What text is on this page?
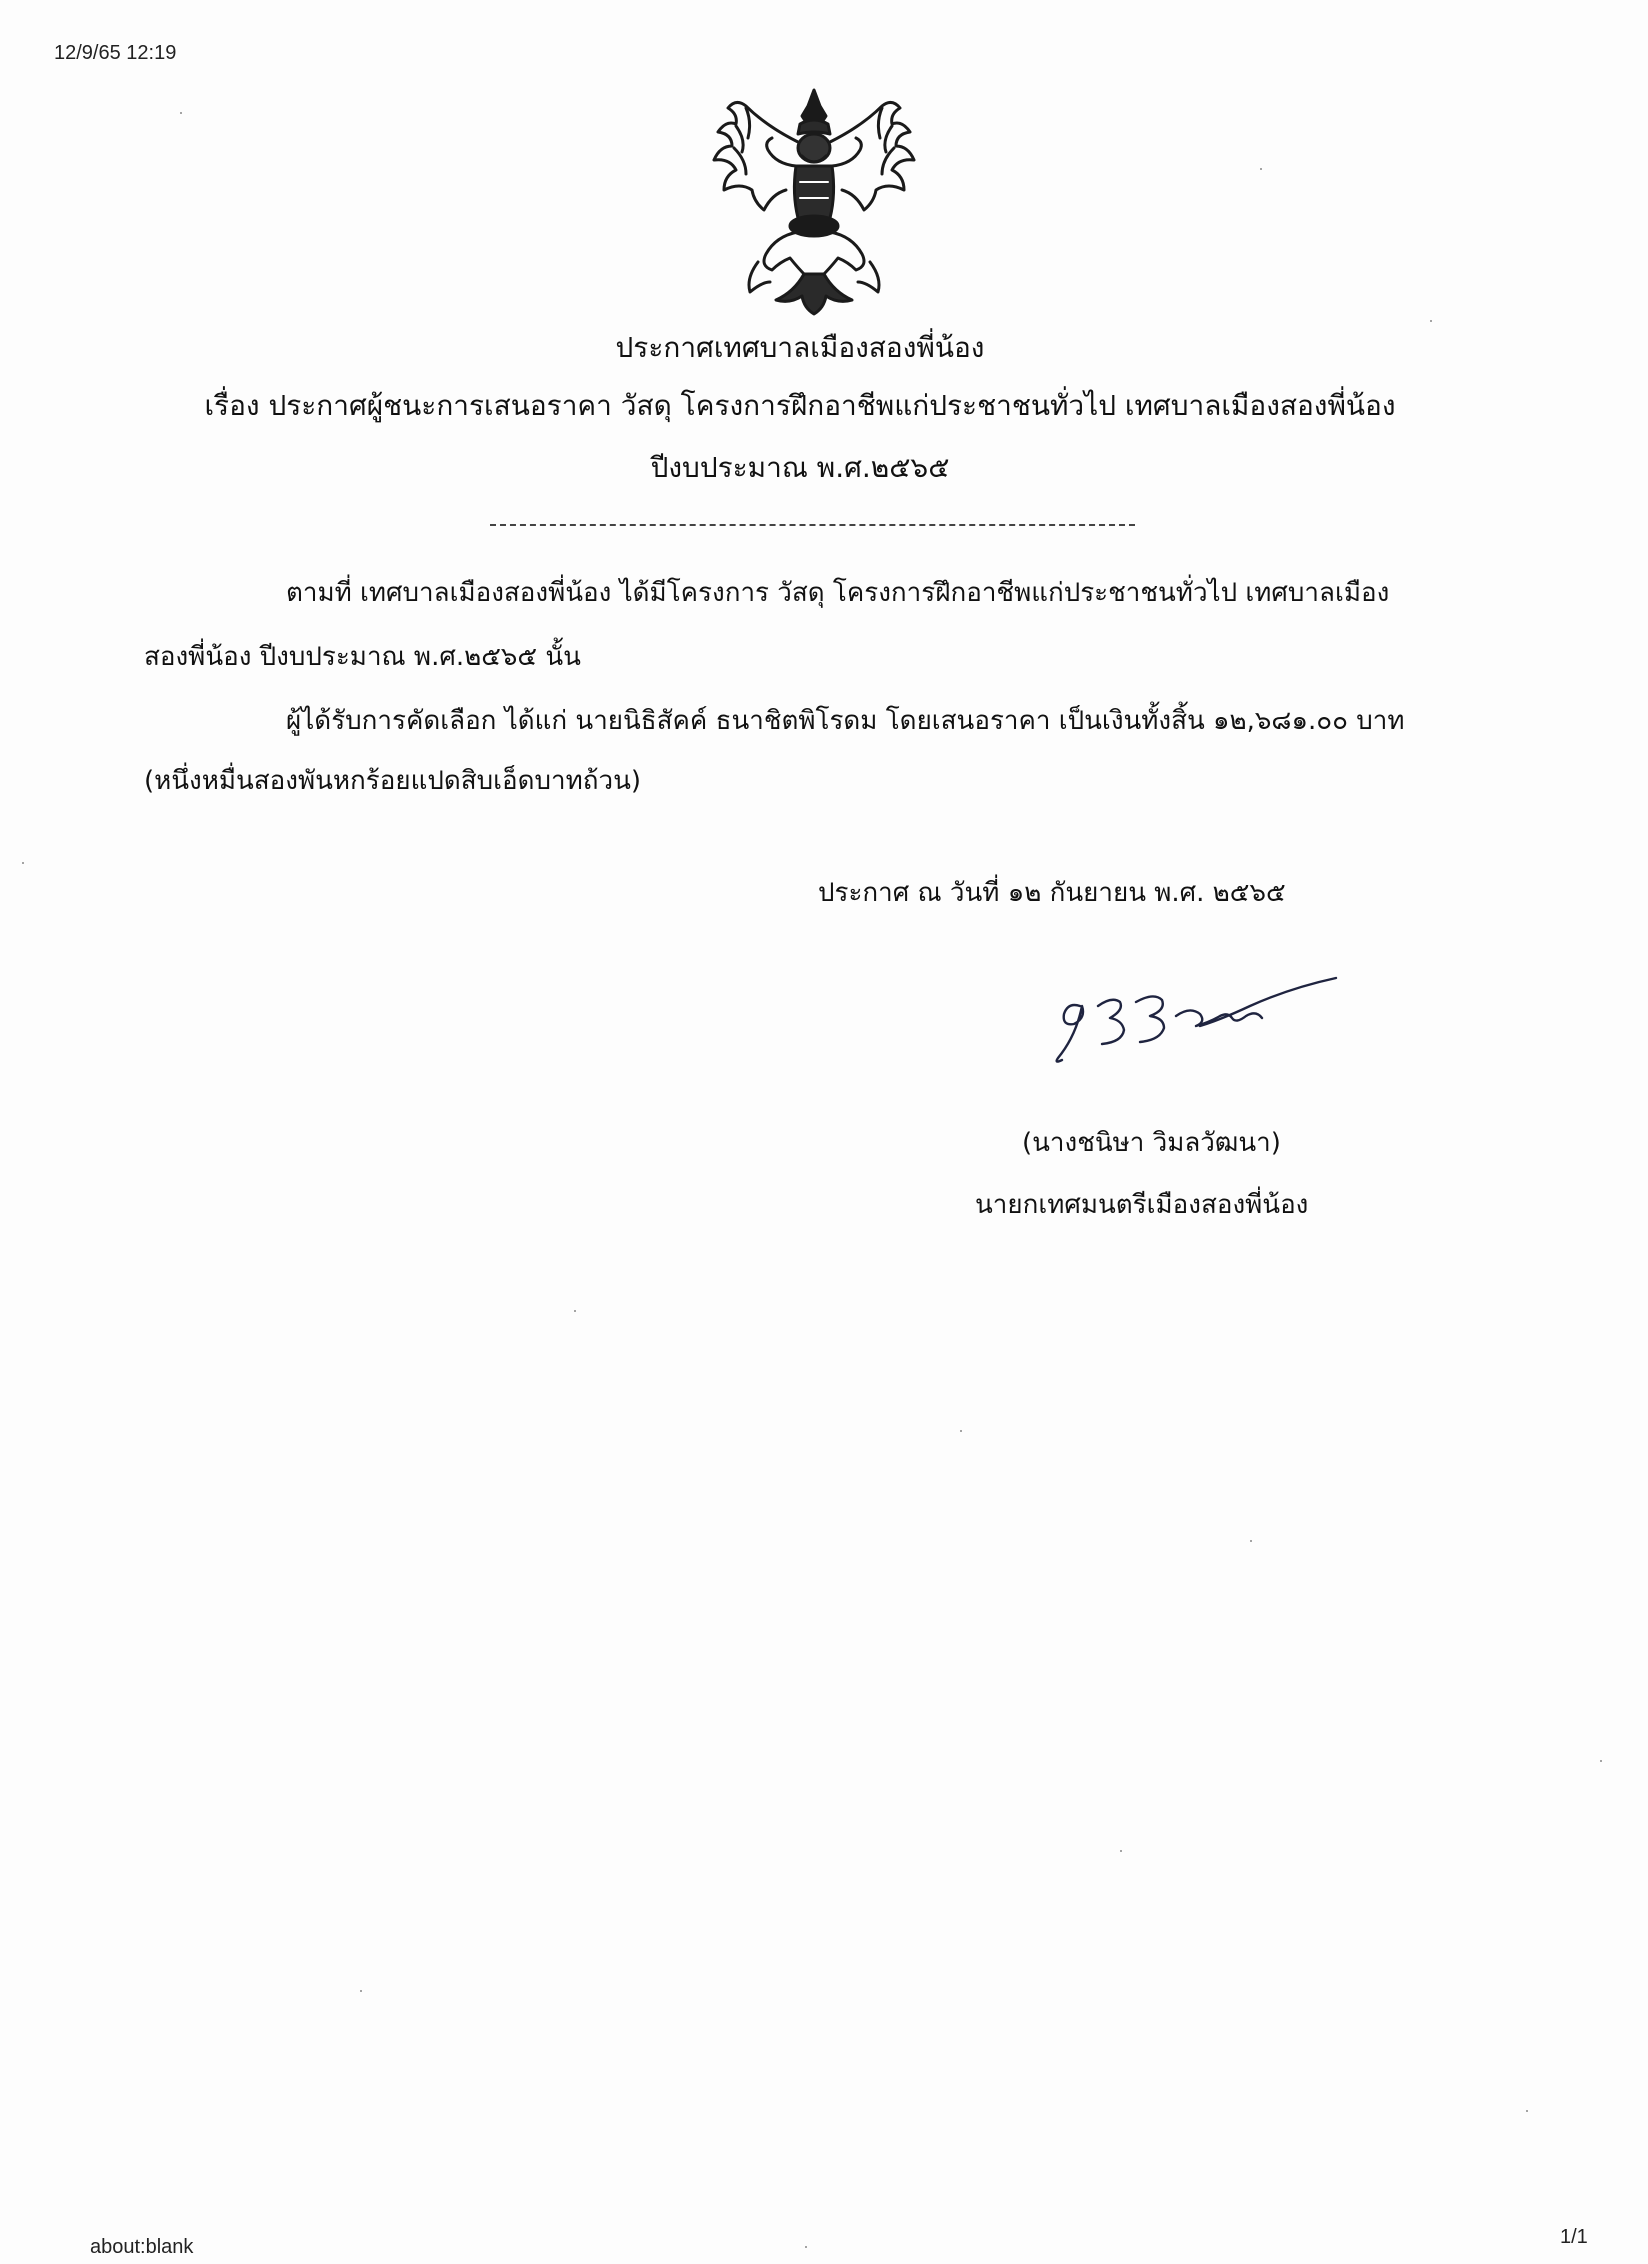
12/9/65 12:19
ประกาศเทศบาลเมืองสองพี่น้อง
เรื่อง ประกาศผู้ชนะการเสนอราคา วัสดุ โครงการฝึกอาชีพแก่ประชาชนทั่วไป เทศบาลเมืองสองพี่น้อง
ปีงบประมาณ พ.ศ.๒๕๖๕
ตามที่ เทศบาลเมืองสองพี่น้อง ได้มีโครงการ วัสดุ โครงการฝึกอาชีพแก่ประชาชนทั่วไป เทศบาลเมือง
สองพี่น้อง ปีงบประมาณ พ.ศ.๒๕๖๕ นั้น
ผู้ได้รับการคัดเลือก ได้แก่ นายนิธิสัคค์ ธนาชิตพิโรดม โดยเสนอราคา เป็นเงินทั้งสิ้น ๑๒,๖๘๑.๐๐ บาท
(หนึ่งหมื่นสองพันหกร้อยแปดสิบเอ็ดบาทถ้วน)
ประกาศ ณ วันที่ ๑๒ กันยายน พ.ศ. ๒๕๖๕
(นางชนิษา วิมลวัฒนา)
นายกเทศมนตรีเมืองสองพี่น้อง
about:blank	1/1
